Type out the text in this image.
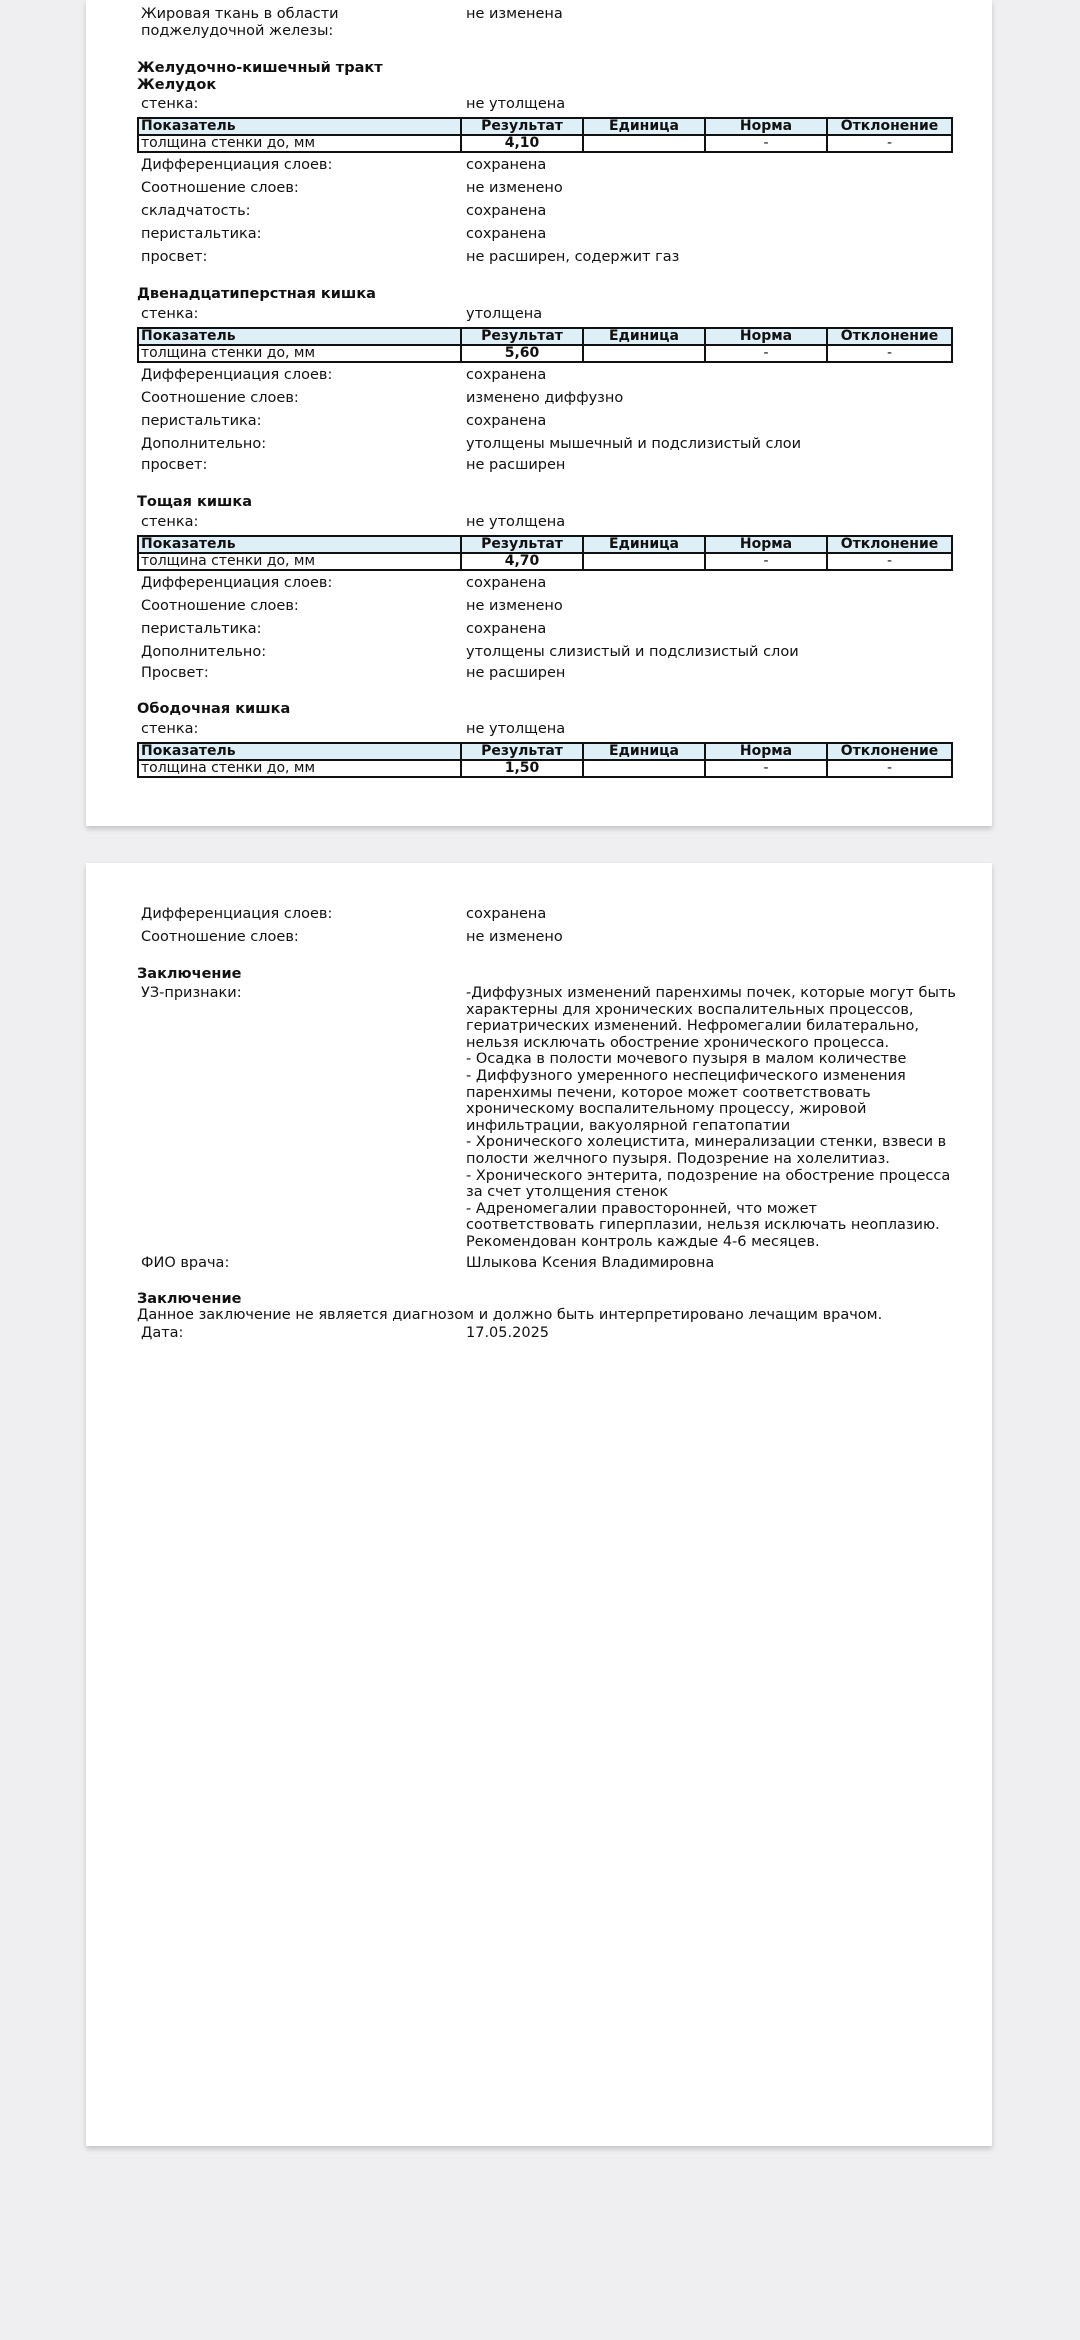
Жировая ткань в области поджелудочной железы:
не изменена
Желудочно-кишечный тракт
Желудок
стенка:	не утолщена
Показатель	Результат	Единица	Норма	Отклонение
толщина стенки до, мм	4,10		-	-
Дифференциация слоев:	сохранена
Соотношение слоев:	не изменено
складчатость:	сохранена
перистальтика:	сохранена
просвет:	не расширен, содержит газ
Двенадцатиперстная кишка
стенка:	утолщена
Показатель	Результат	Единица	Норма	Отклонение
толщина стенки до, мм	5,60		-	-
Дифференциация слоев:	сохранена
Соотношение слоев:	изменено диффузно
перистальтика:	сохранена
Дополнительно:	утолщены мышечный и подслизистый слои
просвет:	не расширен
Тощая кишка
стенка:	не утолщена
Показатель	Результат	Единица	Норма	Отклонение
толщина стенки до, мм	4,70		-	-
Дифференциация слоев:	сохранена
Соотношение слоев:	не изменено
перистальтика:	сохранена
Дополнительно:	утолщены слизистый и подслизистый слои
Просвет:	не расширен
Ободочная кишка
стенка:	не утолщена
Показатель	Результат	Единица	Норма	Отклонение
толщина стенки до, мм	1,50		-	-
Дифференциация слоев:	сохранена
Соотношение слоев:	не изменено
Заключение
УЗ-признаки:	-Диффузных изменений паренхимы почек, которые могут быть
характерны для хронических воспалительных процессов,
гериатрических изменений. Нефромегалии билатерально,
нельзя исключать обострение хронического процесса.
- Осадка в полости мочевого пузыря в малом количестве
- Диффузного умеренного неспецифического изменения
паренхимы печени, которое может соответствовать
хроническому воспалительному процессу, жировой
инфильтрации, вакуолярной гепатопатии
- Хронического холецистита, минерализации стенки, взвеси в
полости желчного пузыря. Подозрение на холелитиаз.
- Хронического энтерита, подозрение на обострение процесса
за счет утолщения стенок
- Адреномегалии правосторонней, что может
соответствовать гиперплазии, нельзя исключать неоплазию.
Рекомендован контроль каждые 4-6 месяцев.
ФИО врача:	Шлыкова Ксения Владимировна
Заключение
Данное заключение не является диагнозом и должно быть интерпретировано лечащим врачом.
Дата:	17.05.2025
